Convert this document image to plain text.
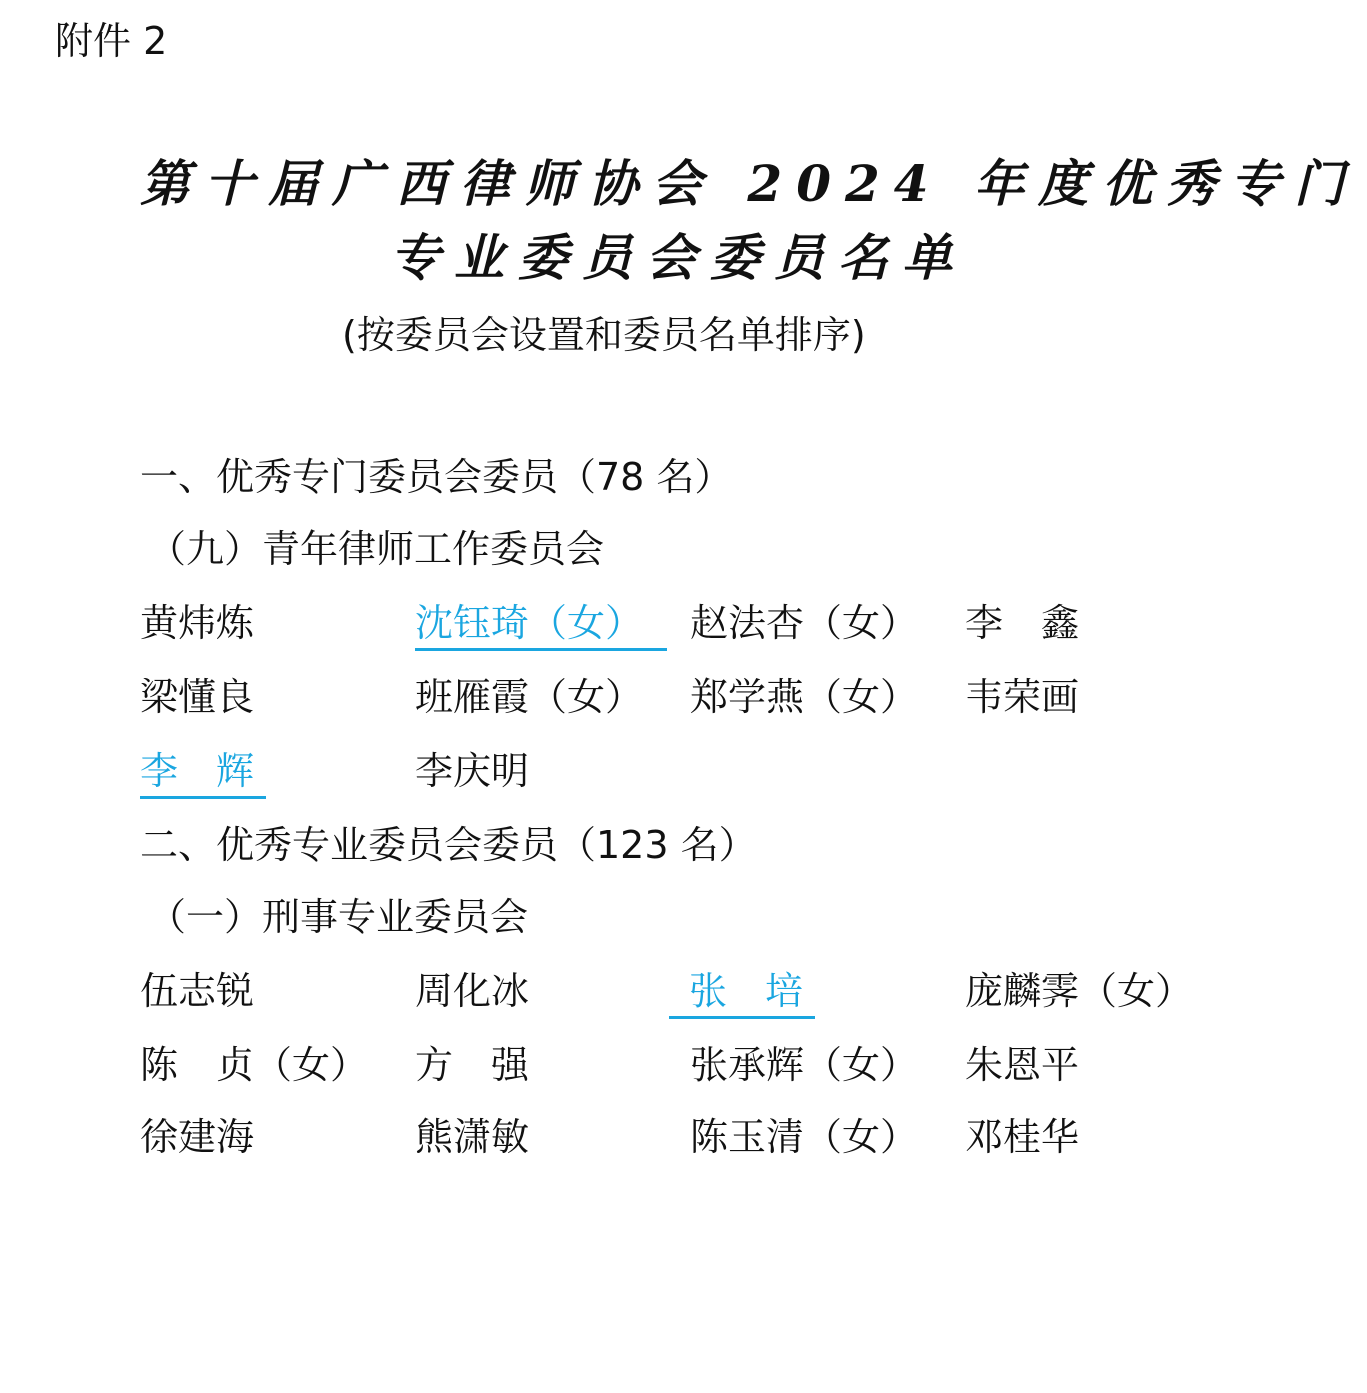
附件 2
第十届广西律师协会 2024 年度优秀专门
专业委员会委员名单
(按委员会设置和委员名单排序)
一、优秀专门委员会委员（78 名）
（九）青年律师工作委员会
黄炜炼	沈钰琦（女）	赵法杏（女） 李　鑫
梁懂良	班雁霞（女） 郑学燕（女） 韦荣画
李　辉	李庆明
二、优秀专业委员会委员（123 名）
（一）刑事专业委员会
伍志锐	周化冰	张　培	庞麟霁（女）
陈　贞（女） 方　强	张承辉（女） 朱恩平
徐建海	熊潇敏	陈玉清（女） 邓桂华
